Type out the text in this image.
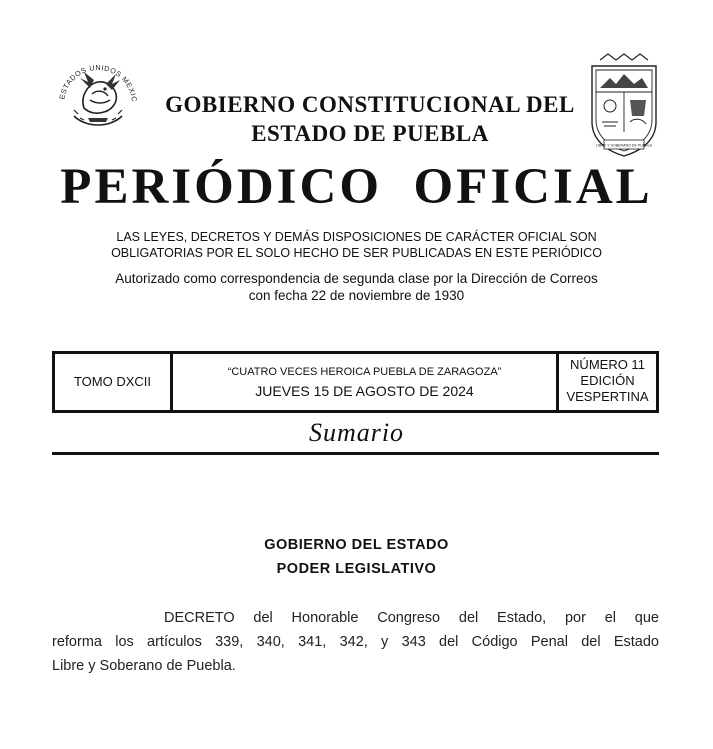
ESTADOS UNIDOS MEXIC
LIBRE Y SOBERANO DE PUEBLA
GOBIERNO CONSTITUCIONAL DEL
ESTADO DE PUEBLA
PERIÓDICO  OFICIAL
LAS LEYES, DECRETOS Y DEMÁS DISPOSICIONES DE CARÁCTER OFICIAL SON
OBLIGATORIAS POR EL SOLO HECHO DE SER PUBLICADAS EN ESTE PERIÓDICO
Autorizado como correspondencia de segunda clase por la Dirección de Correos
con fecha 22 de noviembre de 1930
TOMO DXCII
“CUATRO VECES HEROICA PUEBLA DE ZARAGOZA”
JUEVES 15 DE AGOSTO DE 2024
NÚMERO 11
EDICIÓN
VESPERTINA
Sumario
GOBIERNO DEL ESTADO
PODER LEGISLATIVO
DECRETO del Honorable Congreso del Estado, por el que
reforma los artículos 339, 340, 341, 342, y 343 del Código Penal del Estado
Libre y Soberano de Puebla.
